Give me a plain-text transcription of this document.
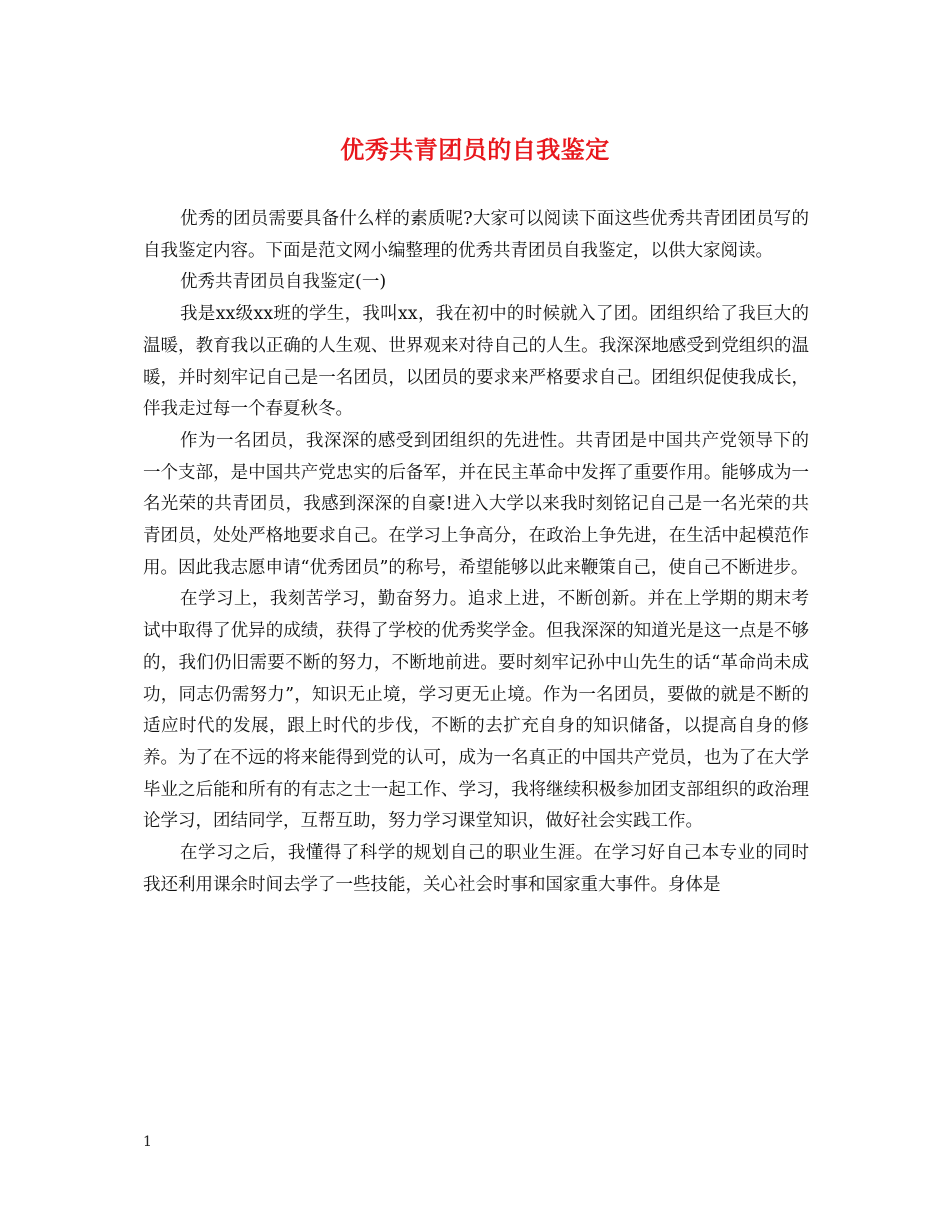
优秀共青团员的自我鉴定

优秀的团员需要具备什么样的素质呢?大家可以阅读下面这些优秀共青团团员写的自我鉴定内容。下面是范文网小编整理的优秀共青团员自我鉴定，以供大家阅读。

优秀共青团员自我鉴定(一)

我是xx级xx班的学生，我叫xx，我在初中的时候就入了团。团组织给了我巨大的温暖，教育我以正确的人生观、世界观来对待自己的人生。我深深地感受到党组织的温暖，并时刻牢记自己是一名团员，以团员的要求来严格要求自己。团组织促使我成长，伴我走过每一个春夏秋冬。

作为一名团员，我深深的感受到团组织的先进性。共青团是中国共产党领导下的一个支部，是中国共产党忠实的后备军，并在民主革命中发挥了重要作用。能够成为一名光荣的共青团员，我感到深深的自豪!进入大学以来我时刻铭记自己是一名光荣的共青团员，处处严格地要求自己。在学习上争高分，在政治上争先进，在生活中起模范作用。因此我志愿申请“优秀团员”的称号，希望能够以此来鞭策自己，使自己不断进步。

在学习上，我刻苦学习，勤奋努力。追求上进，不断创新。并在上学期的期末考试中取得了优异的成绩，获得了学校的优秀奖学金。但我深深的知道光是这一点是不够的，我们仍旧需要不断的努力，不断地前进。要时刻牢记孙中山先生的话“革命尚未成功，同志仍需努力”，知识无止境，学习更无止境。作为一名团员，要做的就是不断的适应时代的发展，跟上时代的步伐，不断的去扩充自身的知识储备，以提高自身的修养。为了在不远的将来能得到党的认可，成为一名真正的中国共产党员，也为了在大学毕业之后能和所有的有志之士一起工作、学习，我将继续积极参加团支部组织的政治理论学习，团结同学，互帮互助，努力学习课堂知识，做好社会实践工作。

在学习之后，我懂得了科学的规划自己的职业生涯。在学习好自己本专业的同时我还利用课余时间去学了一些技能，关心社会时事和国家重大事件。身体是

1
